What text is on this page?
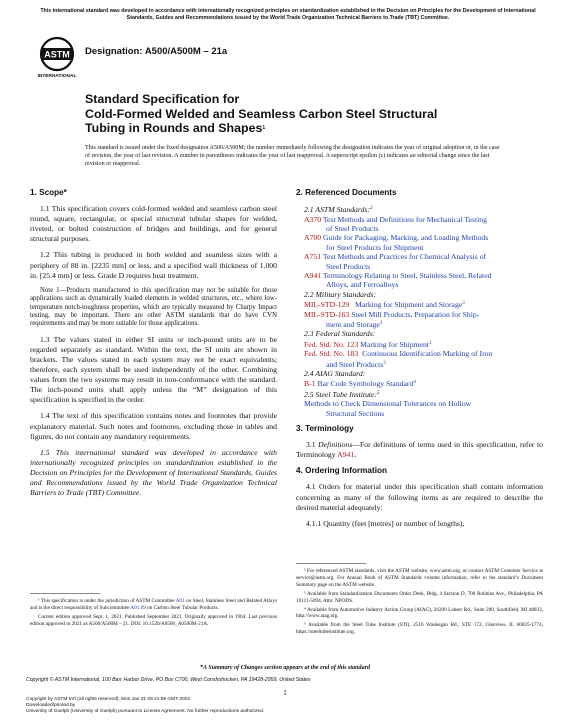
This international standard was developed in accordance with internationally recognized principles on standardization established in the Decision on Principles for the Development of International Standards, Guides and Recommendations issued by the World Trade Organization Technical Barriers to Trade (TBT) Committee.
ASTM
INTERNATIONAL
Designation: A500/A500M – 21a
Standard Specification for
Cold-Formed Welded and Seamless Carbon Steel Structural
Tubing in Rounds and Shapes$^1$
This standard is issued under the fixed designation A500/A500M; the number immediately following the designation indicates the year of original adoption or, in the case of revision, the year of last revision. A number in parentheses indicates the year of last reapproval. A superscript epsilon (ε) indicates an editorial change since the last revision or reapproval.
1. Scope*

1.1 This specification covers cold-formed welded and seamless carbon steel round, square, rectangular, or special structural tubular shapes for welded, riveted, or bolted construction of bridges and buildings, and for general structural purposes.

1.2 This tubing is produced in both welded and seamless sizes with a periphery of 88 in. [2235 mm] or less, and a specified wall thickness of 1.000 in. [25.4 mm] or less. Grade D requires heat treatment.

Note 1—Products manufactured to this specification may not be suitable for those applications such as dynamically loaded elements in welded structures, etc., where low-temperature notch-toughness properties, which are typically measured by Charpy Impact testing, may be important. There are other ASTM standards that do have CVN requirements and may be more suitable for those applications.

1.3 The values stated in either SI units or inch-pound units are to be regarded separately as standard. Within the text, the SI units are shown in brackets. The values stated in each system may not be exact equivalents; therefore, each system shall be used independently of the other. Combining values from the two systems may result in non-conformance with the standard. The inch-pound units shall apply unless the “M” designation of this specification is specified in the order.

1.4 The text of this specification contains notes and footnotes that provide explanatory material. Such notes and footnotes, excluding those in tables and figures, do not contain any mandatory requirements.

1.5 This international standard was developed in accordance with internationally recognized principles on standardization established in the Decision on Principles for the Development of International Standards, Guides and Recommendations issued by the World Trade Organization Technical Barriers to Trade (TBT) Committee.

¹ This specification is under the jurisdiction of ASTM Committee A01 on Steel, Stainless Steel and Related Alloys and is the direct responsibility of Subcommittee A01.09 on Carbon Steel Tubular Products.
Current edition approved Sept. 1, 2021. Published September 2021. Originally approved in 1964. Last previous edition approved in 2021 as A500/A500M – 21. DOI: 10.1520/A0500_A0500M-21A.
2. Referenced Documents
2.1 ASTM Standards:$^2$
A370 Test Methods and Definitions for Mechanical Testing
of Steel Products
A700 Guide for Packaging, Marking, and Loading Methods
for Steel Products for Shipment
A751 Test Methods and Practices for Chemical Analysis of
Steel Products
A941 Terminology Relating to Steel, Stainless Steel, Related
Alloys, and Ferroalloys
2.2 Military Standards:
MIL-STD-129 Marking for Shipment and Storage$^3$
MIL-STD-163 Steel Mill Products, Preparation for Ship-
ment and Storage$^3$
2.3 Federal Standards:
Fed. Std. No. 123 Marking for Shipment$^3$
Fed. Std. No. 183 Continuous Identification Marking of Iron
and Steel Products$^3$
2.4 AIAG Standard:
B-1 Bar Code Symbology Standard$^4$
2.5 Steel Tube Institute:$^5$
Methods to Check Dimensional Tolerances on Hollow
Structural Sections
3. Terminology

3.1 Definitions—For definitions of terms used in this specification, refer to Terminology A941.

4. Ordering Information

4.1 Orders for material under this specification shall contain information concerning as many of the following items as are required to describe the desired material adequately:

4.1.1 Quantity (feet [metres] or number of lengths),

² For referenced ASTM standards, visit the ASTM website, www.astm.org, or contact ASTM Customer Service at service@astm.org. For Annual Book of ASTM Standards volume information, refer to the standard’s Document Summary page on the ASTM website.
³ Available from Standardization Documents Order Desk, Bldg. 4 Section D, 700 Robbins Ave., Philadelphia, PA 19111-5094, Attn: NPODS.
⁴ Available from Automotive Industry Action Group (AIAG), 26200 Lahser Rd., Suite 200, Southfield, MI 48033, http://www.aiag.org.
⁵ Available from the Steel Tube Institute (STI), 2516 Waukegan Rd., STE 172, Glenview, IL 60025-1774, https://steeltubeinstitute.org.
*A Summary of Changes section appears at the end of this standard
Copyright © ASTM International, 100 Barr Harbor Drive, PO Box C700, West Conshohocken, PA 19428-2959. United States
1
Copyright by ASTM Int'l (all rights reserved); Mon Jan 31 09:21:59 GMT 2022
Downloaded/printed by
University of Guelph (University of Guelph) pursuant to License Agreement. No further reproductions authorized.
